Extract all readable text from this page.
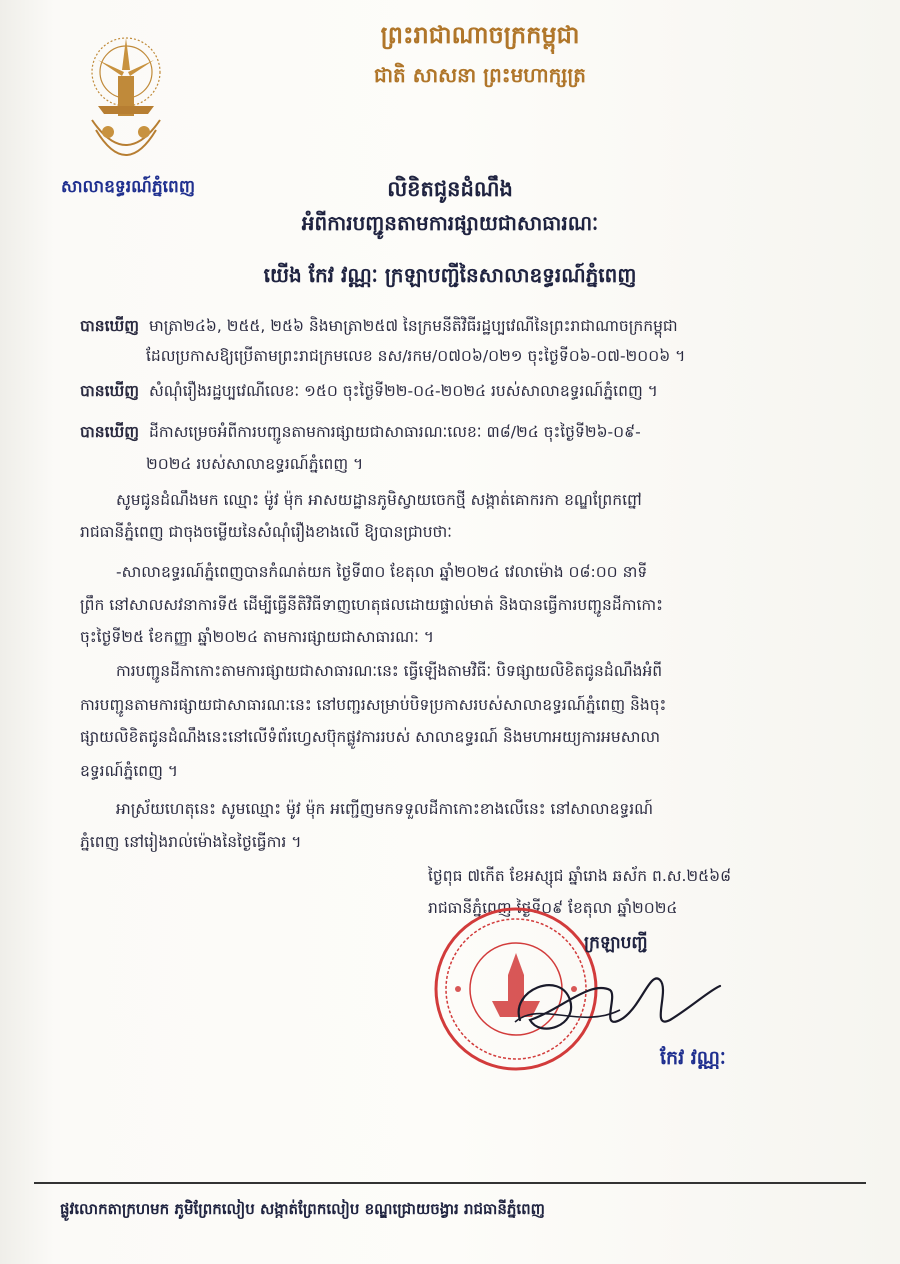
សាលាឧទ្ធរណ៍ភ្នំពេញ
ព្រះរាជាណាចក្រកម្ពុជា
ជាតិ សាសនា ព្រះមហាក្សត្រ
លិខិតជូនដំណឹង
អំពីការបញ្ជូនតាមការផ្សាយជាសាធារណៈ
យើង កែវ វណ្ណៈ ក្រឡាបញ្ជីនៃសាលាឧទ្ធរណ៍ភ្នំពេញ
បានឃើញ មាត្រា២៤៦, ២៥៥, ២៥៦ និងមាត្រា២៥៧ នៃក្រមនីតិវិធីរដ្ឋប្បវេណីនៃព្រះរាជាណាចក្រកម្ពុជា
ដែលប្រកាសឱ្យប្រើតាមព្រះរាជក្រមលេខ នស/រកម/០៧០៦/០២១ ចុះថ្ងៃទី០៦-០៧-២០០៦ ។
បានឃើញ សំណុំរឿងរដ្ឋប្បវេណីលេខៈ ១៥០ ចុះថ្ងៃទី២២-០៤-២០២៤ របស់សាលាឧទ្ធរណ៍ភ្នំពេញ ។
បានឃើញ ដីកាសម្រេចអំពីការបញ្ជូនតាមការផ្សាយជាសាធារណៈលេខៈ ៣៨/២៤ ចុះថ្ងៃទី២៦-០៩-
២០២៤ របស់សាលាឧទ្ធរណ៍ភ្នំពេញ ។
សូមជូនដំណឹងមក ឈ្មោះ ម៉ូវ ម៉ុក អាសយដ្ឋានភូមិស្វាយចេកថ្មី សង្កាត់គោករកា ខណ្ឌព្រែកព្នៅ
រាជធានីភ្នំពេញ ជាចុងចម្លើយនៃសំណុំរឿងខាងលើ ឱ្យបានជ្រាបថាៈ
-សាលាឧទ្ធរណ៍ភ្នំពេញបានកំណត់យក ថ្ងៃទី៣០ ខែតុលា ឆ្នាំ២០២៤ វេលាម៉ោង ០៨:០០ នាទី
ព្រឹក នៅសាលសវនាការទី៥ ដើម្បីធ្វើនីតិវិធីទាញហេតុផលដោយផ្ទាល់មាត់ និងបានធ្វើការបញ្ជូនដីកាកោះ
ចុះថ្ងៃទី២៥ ខែកញ្ញា ឆ្នាំ២០២៤ តាមការផ្សាយជាសាធារណៈ ។
ការបញ្ជូនដីកាកោះតាមការផ្សាយជាសាធារណៈនេះ ធ្វើឡើងតាមវិធីៈ បិទផ្សាយលិខិតជូនដំណឹងអំពី
ការបញ្ជូនតាមការផ្សាយជាសាធារណៈនេះ នៅបញ្ជរសម្រាប់បិទប្រកាសរបស់សាលាឧទ្ធរណ៍ភ្នំពេញ និងចុះ
ផ្សាយលិខិតជូនដំណឹងនេះនៅលើទំព័រហ្វេសប៊ុកផ្លូវការរបស់ សាលាឧទ្ធរណ៍ និងមហាអយ្យការអមសាលា
ឧទ្ធរណ៍ភ្នំពេញ ។
អាស្រ័យហេតុនេះ សូមឈ្មោះ ម៉ូវ ម៉ុក អញ្ជើញមកទទួលដីកាកោះខាងលើនេះ នៅសាលាឧទ្ធរណ៍
ភ្នំពេញ នៅរៀងរាល់ម៉ោងនៃថ្ងៃធ្វើការ ។
ថ្ងៃពុធ ៧កើត ខែអស្សុជ ឆ្នាំរោង ឆស័ក ព.ស.២៥៦៨
រាជធានីភ្នំពេញ ថ្ងៃទី០៩ ខែតុលា ឆ្នាំ២០២៤
ក្រឡាបញ្ជី
កែវ វណ្ណៈ
ផ្លូវលោកតាក្រហមក ភូមិព្រែកលៀប សង្កាត់ព្រែកលៀប ខណ្ឌជ្រោយចង្វារ រាជធានីភ្នំពេញ
